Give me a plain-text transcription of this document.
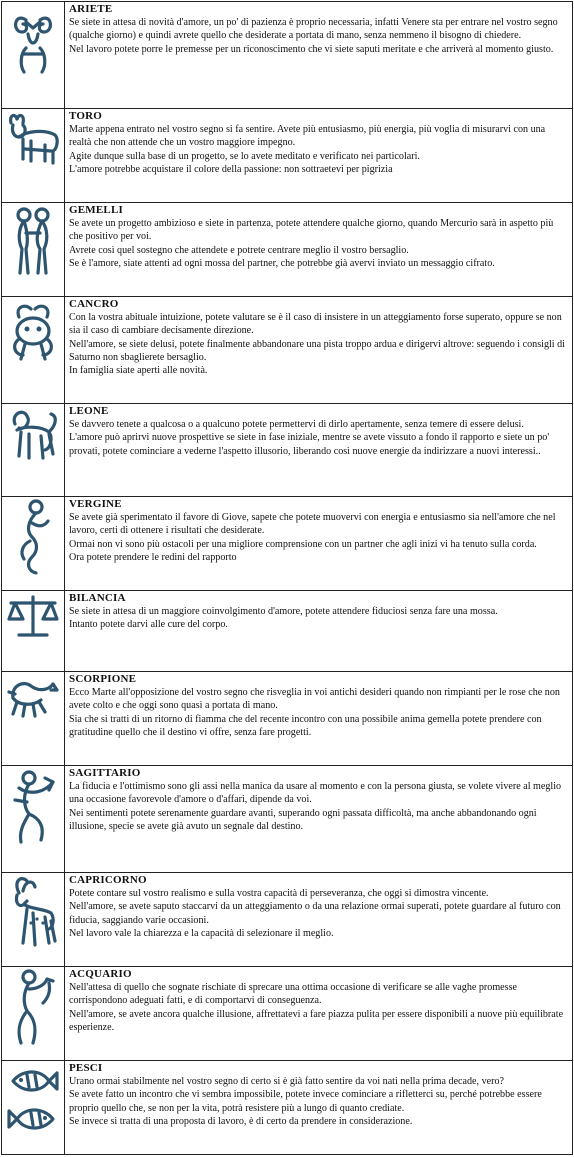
ARIETE

Se siete in attesa di novità d'amore, un po' di pazienza è proprio necessaria, infatti Venere sta per entrare nel vostro segno (qualche giorno) e quindi avrete quello che desiderate a portata di mano, senza nemmeno il bisogno di chiedere.

Nel lavoro potete porre le premesse per un riconoscimento che vi siete saputi meritate e che arriverà al momento giusto.

TORO

Marte appena entrato nel vostro segno si fa sentire. Avete più entusiasmo, più energia, più voglia di misurarvi con una realtà che non attende che un vostro maggiore impegno.

Agite dunque sulla base di un progetto, se lo avete meditato e verificato nei particolari.

L'amore potrebbe acquistare il colore della passione: non sottraetevi per pigrizia

GEMELLI

Se avete un progetto ambizioso e siete in partenza, potete attendere qualche giorno, quando Mercurio sarà in aspetto più che positivo per voi.

Avrete così quel sostegno che attendete e potrete centrare meglio il vostro bersaglio.

Se è l'amore, siate attenti ad ogni mossa del partner, che potrebbe già avervi inviato un messaggio cifrato.

CANCRO

Con la vostra abituale intuizione, potete valutare se è il caso di insistere in un atteggiamento forse superato, oppure se non sia il caso di cambiare decisamente direzione.

Nell'amore, se siete delusi, potete finalmente abbandonare una pista troppo ardua e dirigervi altrove: seguendo i consigli di Saturno non sbaglierete bersaglio.

In famiglia siate aperti alle novità.

LEONE

Se davvero tenete a qualcosa o a qualcuno potete permettervi di dirlo apertamente, senza temere di essere delusi.

L'amore può aprirvi nuove prospettive se siete in fase iniziale, mentre se avete vissuto a fondo il rapporto e siete un po' provati, potete cominciare a vederne l'aspetto illusorio, liberando così nuove energie da indirizzare a nuovi interessi..

VERGINE

Se avete già sperimentato il favore di Giove, sapete che potete muovervi con energia e entusiasmo sia nell'amore che nel lavoro, certi di ottenere i risultati che desiderate.

Ormai non vi sono più ostacoli per una migliore comprensione con un partner che agli inizi vi ha tenuto sulla corda.

Ora potete prendere le redini del rapporto

BILANCIA

Se siete in attesa di un maggiore coinvolgimento d'amore, potete attendere fiduciosi senza fare una mossa.

Intanto potete darvi alle cure del corpo.

SCORPIONE

Ecco Marte all'opposizione del vostro segno che risveglia in voi antichi desideri quando non rimpianti per le rose che non avete colto e che oggi sono quasi a portata di mano.

Sia che si tratti di un ritorno di fiamma che del recente incontro con una possibile anima gemella potete prendere con gratitudine quello che il destino vi offre, senza fare progetti.

SAGITTARIO

La fiducia e l'ottimismo sono gli assi nella manica da usare al momento e con la persona giusta, se volete vivere al meglio una occasione favorevole d'amore o d'affari, dipende da voi.

Nei sentimenti potete serenamente guardare avanti, superando ogni passata difficoltà, ma anche abbandonando ogni illusione, specie se avete già avuto un segnale dal destino.

CAPRICORNO

Potete contare sul vostro realismo e sulla vostra capacità di perseveranza, che oggi si dimostra vincente.

Nell'amore, se avete saputo staccarvi da un atteggiamento o da una relazione ormai superati, potete guardare al futuro con fiducia, saggiando varie occasioni.

Nel lavoro vale la chiarezza e la capacità di selezionare il meglio.

ACQUARIO

Nell'attesa di quello che sognate rischiate di sprecare una ottima occasione di verificare se alle vaghe promesse corrispondono adeguati fatti, e di comportarvi di conseguenza.

Nell'amore, se avete ancora qualche illusione, affrettatevi a fare piazza pulita per essere disponibili a nuove più equilibrate esperienze.

PESCI

Urano ormai stabilmente nel vostro segno di certo si è già fatto sentire da voi nati nella prima decade, vero?

Se avete fatto un incontro che vi sembra impossibile, potete invece cominciare a rifletterci su, perché potrebbe essere proprio quello che, se non per la vita, potrà resistere più a lungo di quanto crediate.

Se invece si tratta di una proposta di lavoro, è di certo da prendere in considerazione.
